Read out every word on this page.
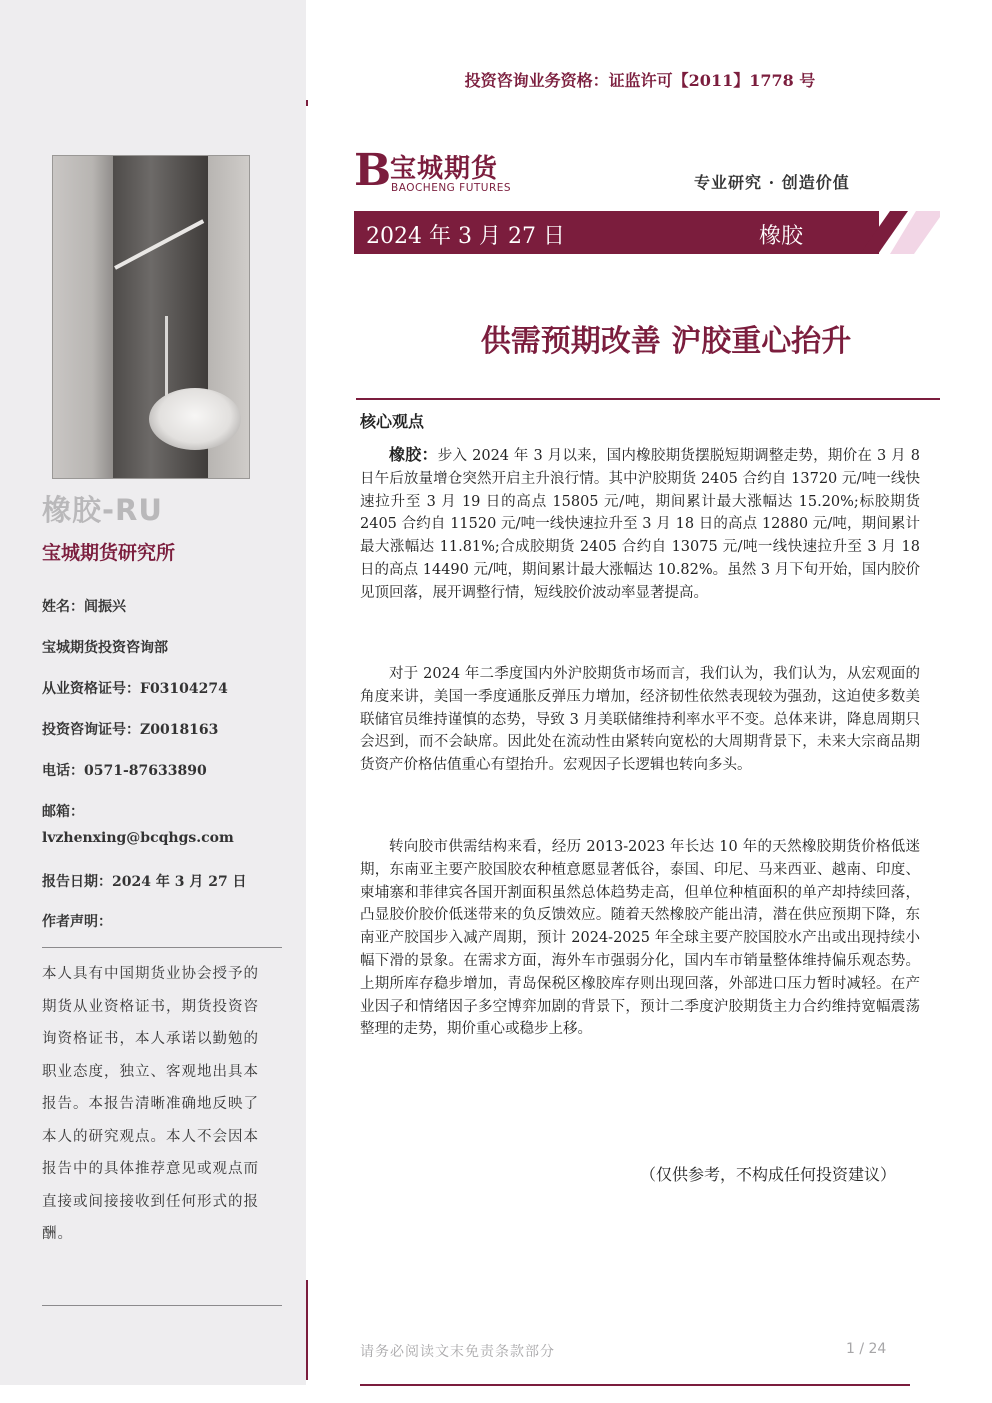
橡胶-RU
宝城期货研究所
姓名：闾振兴
宝城期货投资咨询部
从业资格证号：F03104274
投资咨询证号：Z0018163
电话：0571-87633890
邮箱：
lvzhenxing@bcqhgs.com
报告日期：2024 年 3 月 27 日
作者声明：
本人具有中国期货业协会授予的期货从业资格证书，期货投资咨询资格证书，本人承诺以勤勉的职业态度，独立、客观地出具本报告。本报告清晰准确地反映了本人的研究观点。本人不会因本报告中的具体推荐意见或观点而直接或间接接收到任何形式的报酬。
投资咨询业务资格：证监许可【2011】1778 号
B
宝城期货
BAOCHENG FUTURES	专业研究 · 创造价值
2024 年 3 月 27 日	橡胶
供需预期改善 沪胶重心抬升
核心观点
橡胶：步入 2024 年 3 月以来，国内橡胶期货摆脱短期调整走势，期价在 3 月 8 日午后放量增仓突然开启主升浪行情。其中沪胶期货 2405 合约自 13720 元/吨一线快速拉升至 3 月 19 日的高点 15805 元/吨，期间累计最大涨幅达 15.20%;标胶期货 2405 合约自 11520 元/吨一线快速拉升至 3 月 18 日的高点 12880 元/吨，期间累计最大涨幅达 11.81%;合成胶期货 2405 合约自 13075 元/吨一线快速拉升至 3 月 18 日的高点 14490 元/吨，期间累计最大涨幅达 10.82%。虽然 3 月下旬开始，国内胶价见顶回落，展开调整行情，短线胶价波动率显著提高。
对于 2024 年二季度国内外沪胶期货市场而言，我们认为，我们认为，从宏观面的角度来讲，美国一季度通胀反弹压力增加，经济韧性依然表现较为强劲，这迫使多数美联储官员维持谨慎的态势，导致 3 月美联储维持利率水平不变。总体来讲，降息周期只会迟到，而不会缺席。因此处在流动性由紧转向宽松的大周期背景下，未来大宗商品期货资产价格估值重心有望抬升。宏观因子长逻辑也转向多头。
转向胶市供需结构来看，经历 2013-2023 年长达 10 年的天然橡胶期货价格低迷期，东南亚主要产胶国胶农种植意愿显著低谷，泰国、印尼、马来西亚、越南、印度、柬埔寨和菲律宾各国开割面积虽然总体趋势走高，但单位种植面积的单产却持续回落，凸显胶价胶价低迷带来的负反馈效应。随着天然橡胶产能出清，潜在供应预期下降，东南亚产胶国步入减产周期，预计 2024-2025 年全球主要产胶国胶水产出或出现持续小幅下滑的景象。在需求方面，海外车市强弱分化，国内车市销量整体维持偏乐观态势。上期所库存稳步增加，青岛保税区橡胶库存则出现回落，外部进口压力暂时减轻。在产业因子和情绪因子多空博弈加剧的背景下，预计二季度沪胶期货主力合约维持宽幅震荡整理的走势，期价重心或稳步上移。
（仅供参考，不构成任何投资建议）
请务必阅读文末免责条款部分	1 / 24
